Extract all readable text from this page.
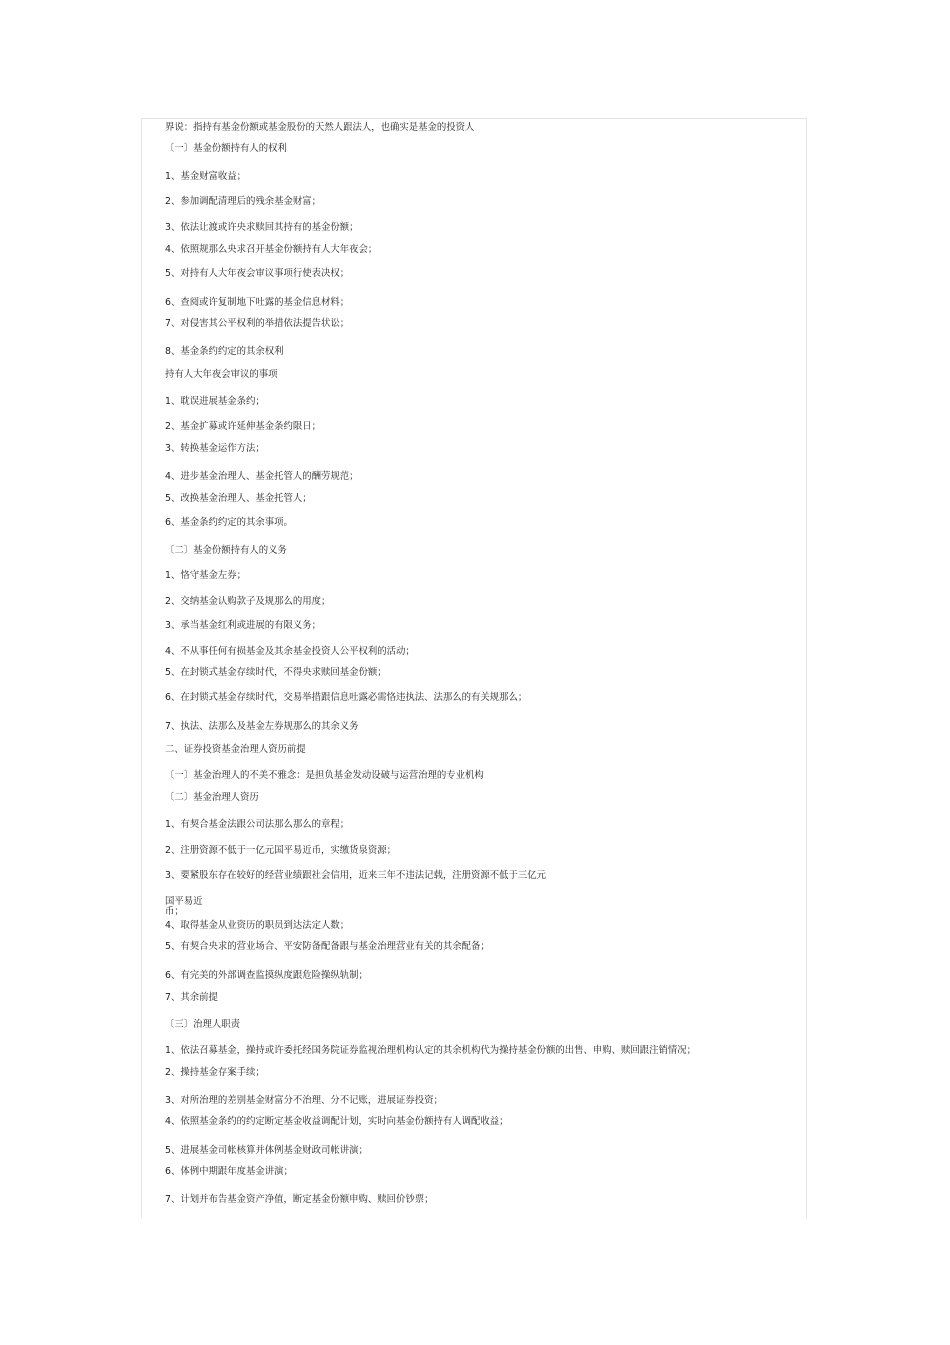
界说：指持有基金份额或基金股份的天然人跟法人，也确实是基金的投资人
〔一〕基金份额持有人的权利
1、基金财富收益；
2、参加调配清理后的残余基金财富；
3、依法让渡或许央求赎回其持有的基金份额；
4、依照规那么央求召开基金份额持有人大年夜会；
5、对持有人大年夜会审议事项行使表决权；
6、查阅或许复制地下吐露的基金信息材料；
7、对侵害其公平权利的举措依法提告状讼；
8、基金条约约定的其余权利
持有人大年夜会审议的事项
1、耽误进展基金条约；
2、基金扩募或许延伸基金条约限日；
3、转换基金运作方法；
4、进步基金治理人、基金托管人的酬劳规范；
5、改换基金治理人、基金托管人；
6、基金条约约定的其余事项。
〔二〕基金份额持有人的义务
1、恪守基金左券；
2、交纳基金认购款子及规那么的用度；
3、承当基金红利或进展的有限义务；
4、不从事任何有损基金及其余基金投资人公平权利的活动；
5、在封锁式基金存续时代，不得央求赎回基金份额；
6、在封锁式基金存续时代，交易举措跟信息吐露必需恪违执法、法那么的有关规那么；
7、执法、法那么及基金左券规那么的其余义务
二、证券投资基金治理人资历前提
〔一〕基金治理人的不美不雅念：是担负基金发动设破与运营治理的专业机构
〔二〕基金治理人资历
1、有契合基金法跟公司法那么那么的章程；
2、注册资源不低于一亿元国平易近币，实缴货泉资源；
3、要紧股东存在较好的经营业绩跟社会信用，近来三年不违法记载，注册资源不低于三亿元
国平易近
币；
4、取得基金从业资历的职员到达法定人数；
5、有契合央求的营业场合、平安防备配备跟与基金治理营业有关的其余配备；
6、有完美的外部调查监摸纵度跟危险操纵轨制；
7、其余前提
〔三〕治理人职责
1、依法召募基金，操持或许委托经国务院证券监视治理机构认定的其余机构代为操持基金份额的出售、申购、赎回跟注销情况；
2、操持基金存案手续；
3、对所治理的差别基金财富分不治理、分不记账，进展证券投资；
4、依照基金条约的约定断定基金收益调配计划，实时向基金份额持有人调配收益；
5、进展基金司帐核算并体例基金财政司帐讲演；
6、体例中期跟年度基金讲演；
7、计划并布告基金资产净值，断定基金份额申购、赎回价钞票；
